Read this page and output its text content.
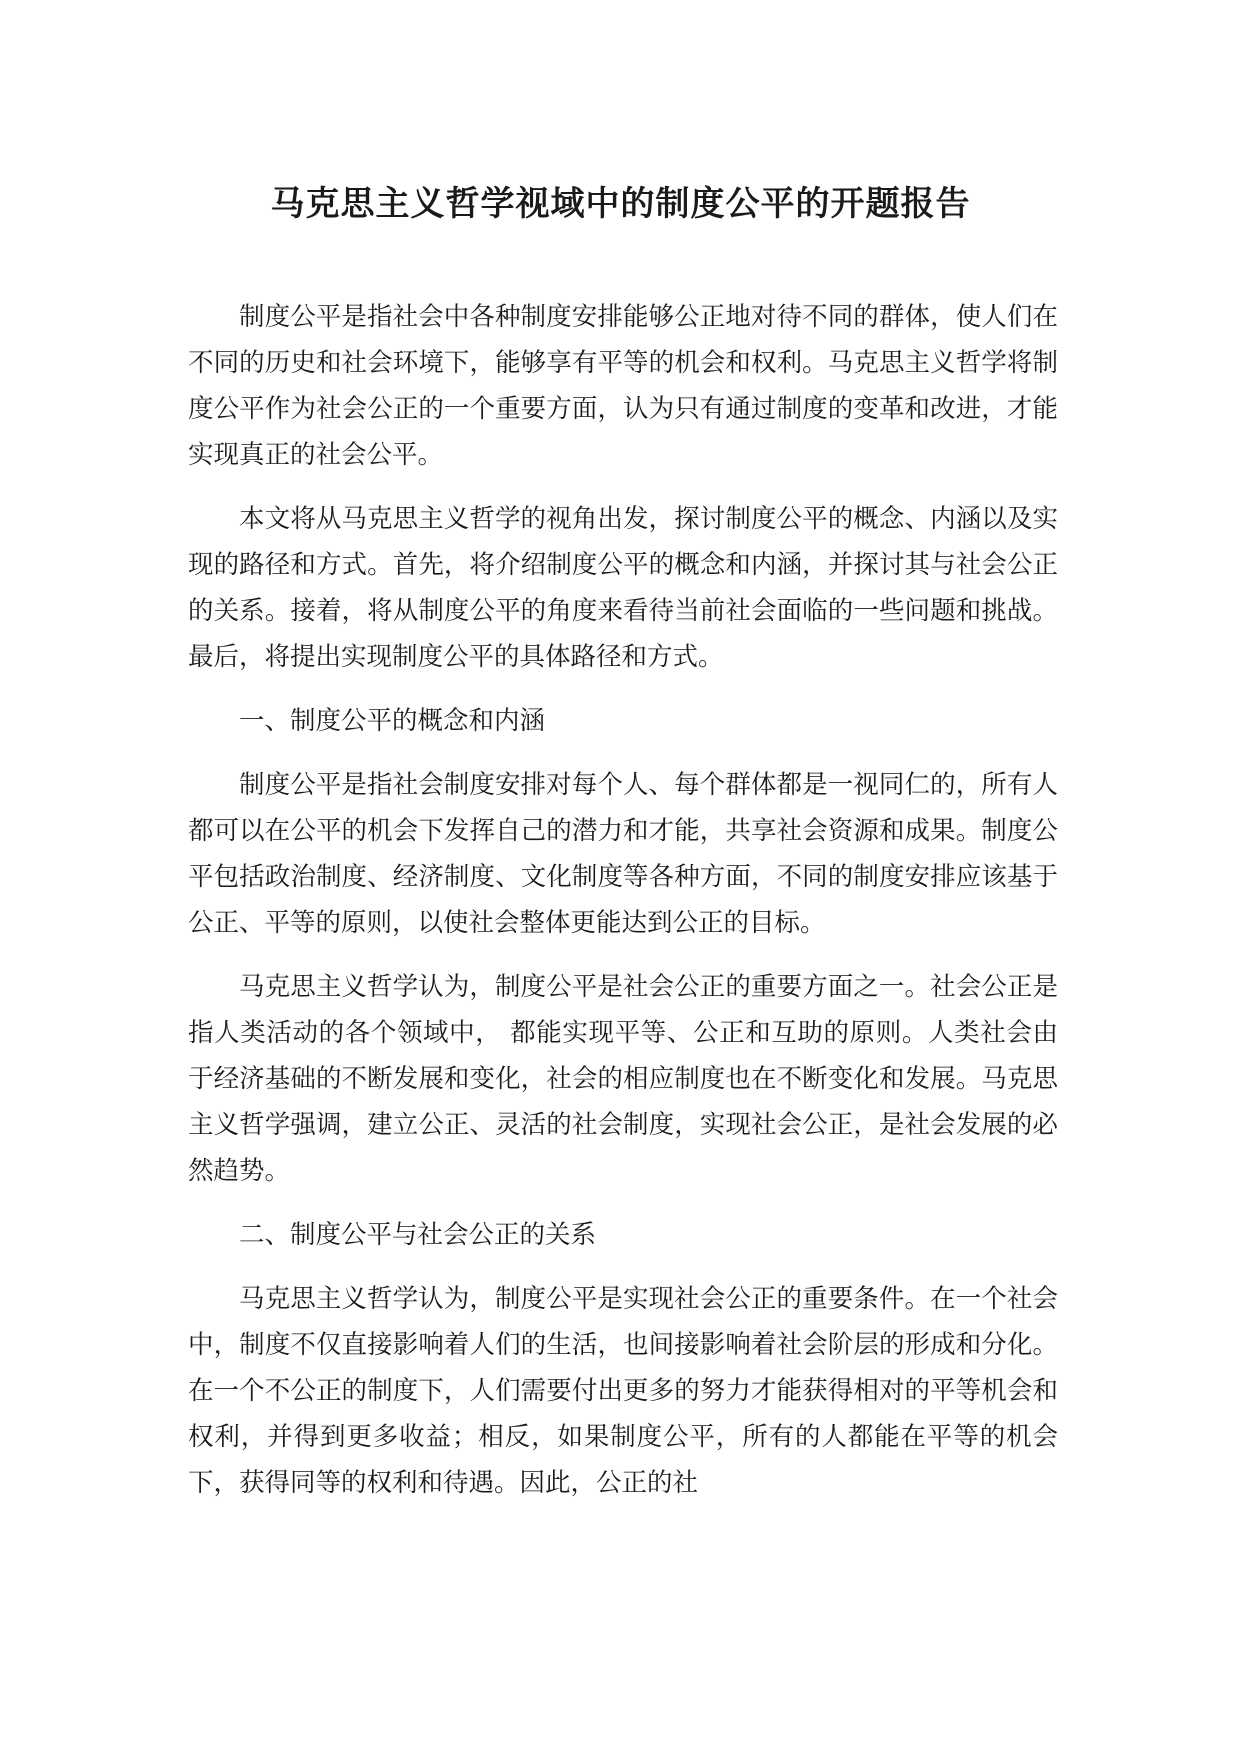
马克思主义哲学视域中的制度公平的开题报告

制度公平是指社会中各种制度安排能够公正地对待不同的群体，使人们在不同的历史和社会环境下，能够享有平等的机会和权利。马克思主义哲学将制度公平作为社会公正的一个重要方面，认为只有通过制度的变革和改进，才能实现真正的社会公平。

本文将从马克思主义哲学的视角出发，探讨制度公平的概念、内涵以及实现的路径和方式。首先，将介绍制度公平的概念和内涵，并探讨其与社会公正的关系。接着，将从制度公平的角度来看待当前社会面临的一些问题和挑战。最后，将提出实现制度公平的具体路径和方式。

一、制度公平的概念和内涵

制度公平是指社会制度安排对每个人、每个群体都是一视同仁的，所有人都可以在公平的机会下发挥自己的潜力和才能，共享社会资源和成果。制度公平包括政治制度、经济制度、文化制度等各种方面，不同的制度安排应该基于公正、平等的原则，以使社会整体更能达到公正的目标。

马克思主义哲学认为，制度公平是社会公正的重要方面之一。社会公正是指人类活动的各个领域中， 都能实现平等、公正和互助的原则。人类社会由于经济基础的不断发展和变化，社会的相应制度也在不断变化和发展。马克思主义哲学强调，建立公正、灵活的社会制度，实现社会公正，是社会发展的必然趋势。

二、制度公平与社会公正的关系

马克思主义哲学认为，制度公平是实现社会公正的重要条件。在一个社会中，制度不仅直接影响着人们的生活，也间接影响着社会阶层的形成和分化。在一个不公正的制度下，人们需要付出更多的努力才能获得相对的平等机会和权利，并得到更多收益；相反，如果制度公平，所有的人都能在平等的机会下，获得同等的权利和待遇。因此，公正的社
